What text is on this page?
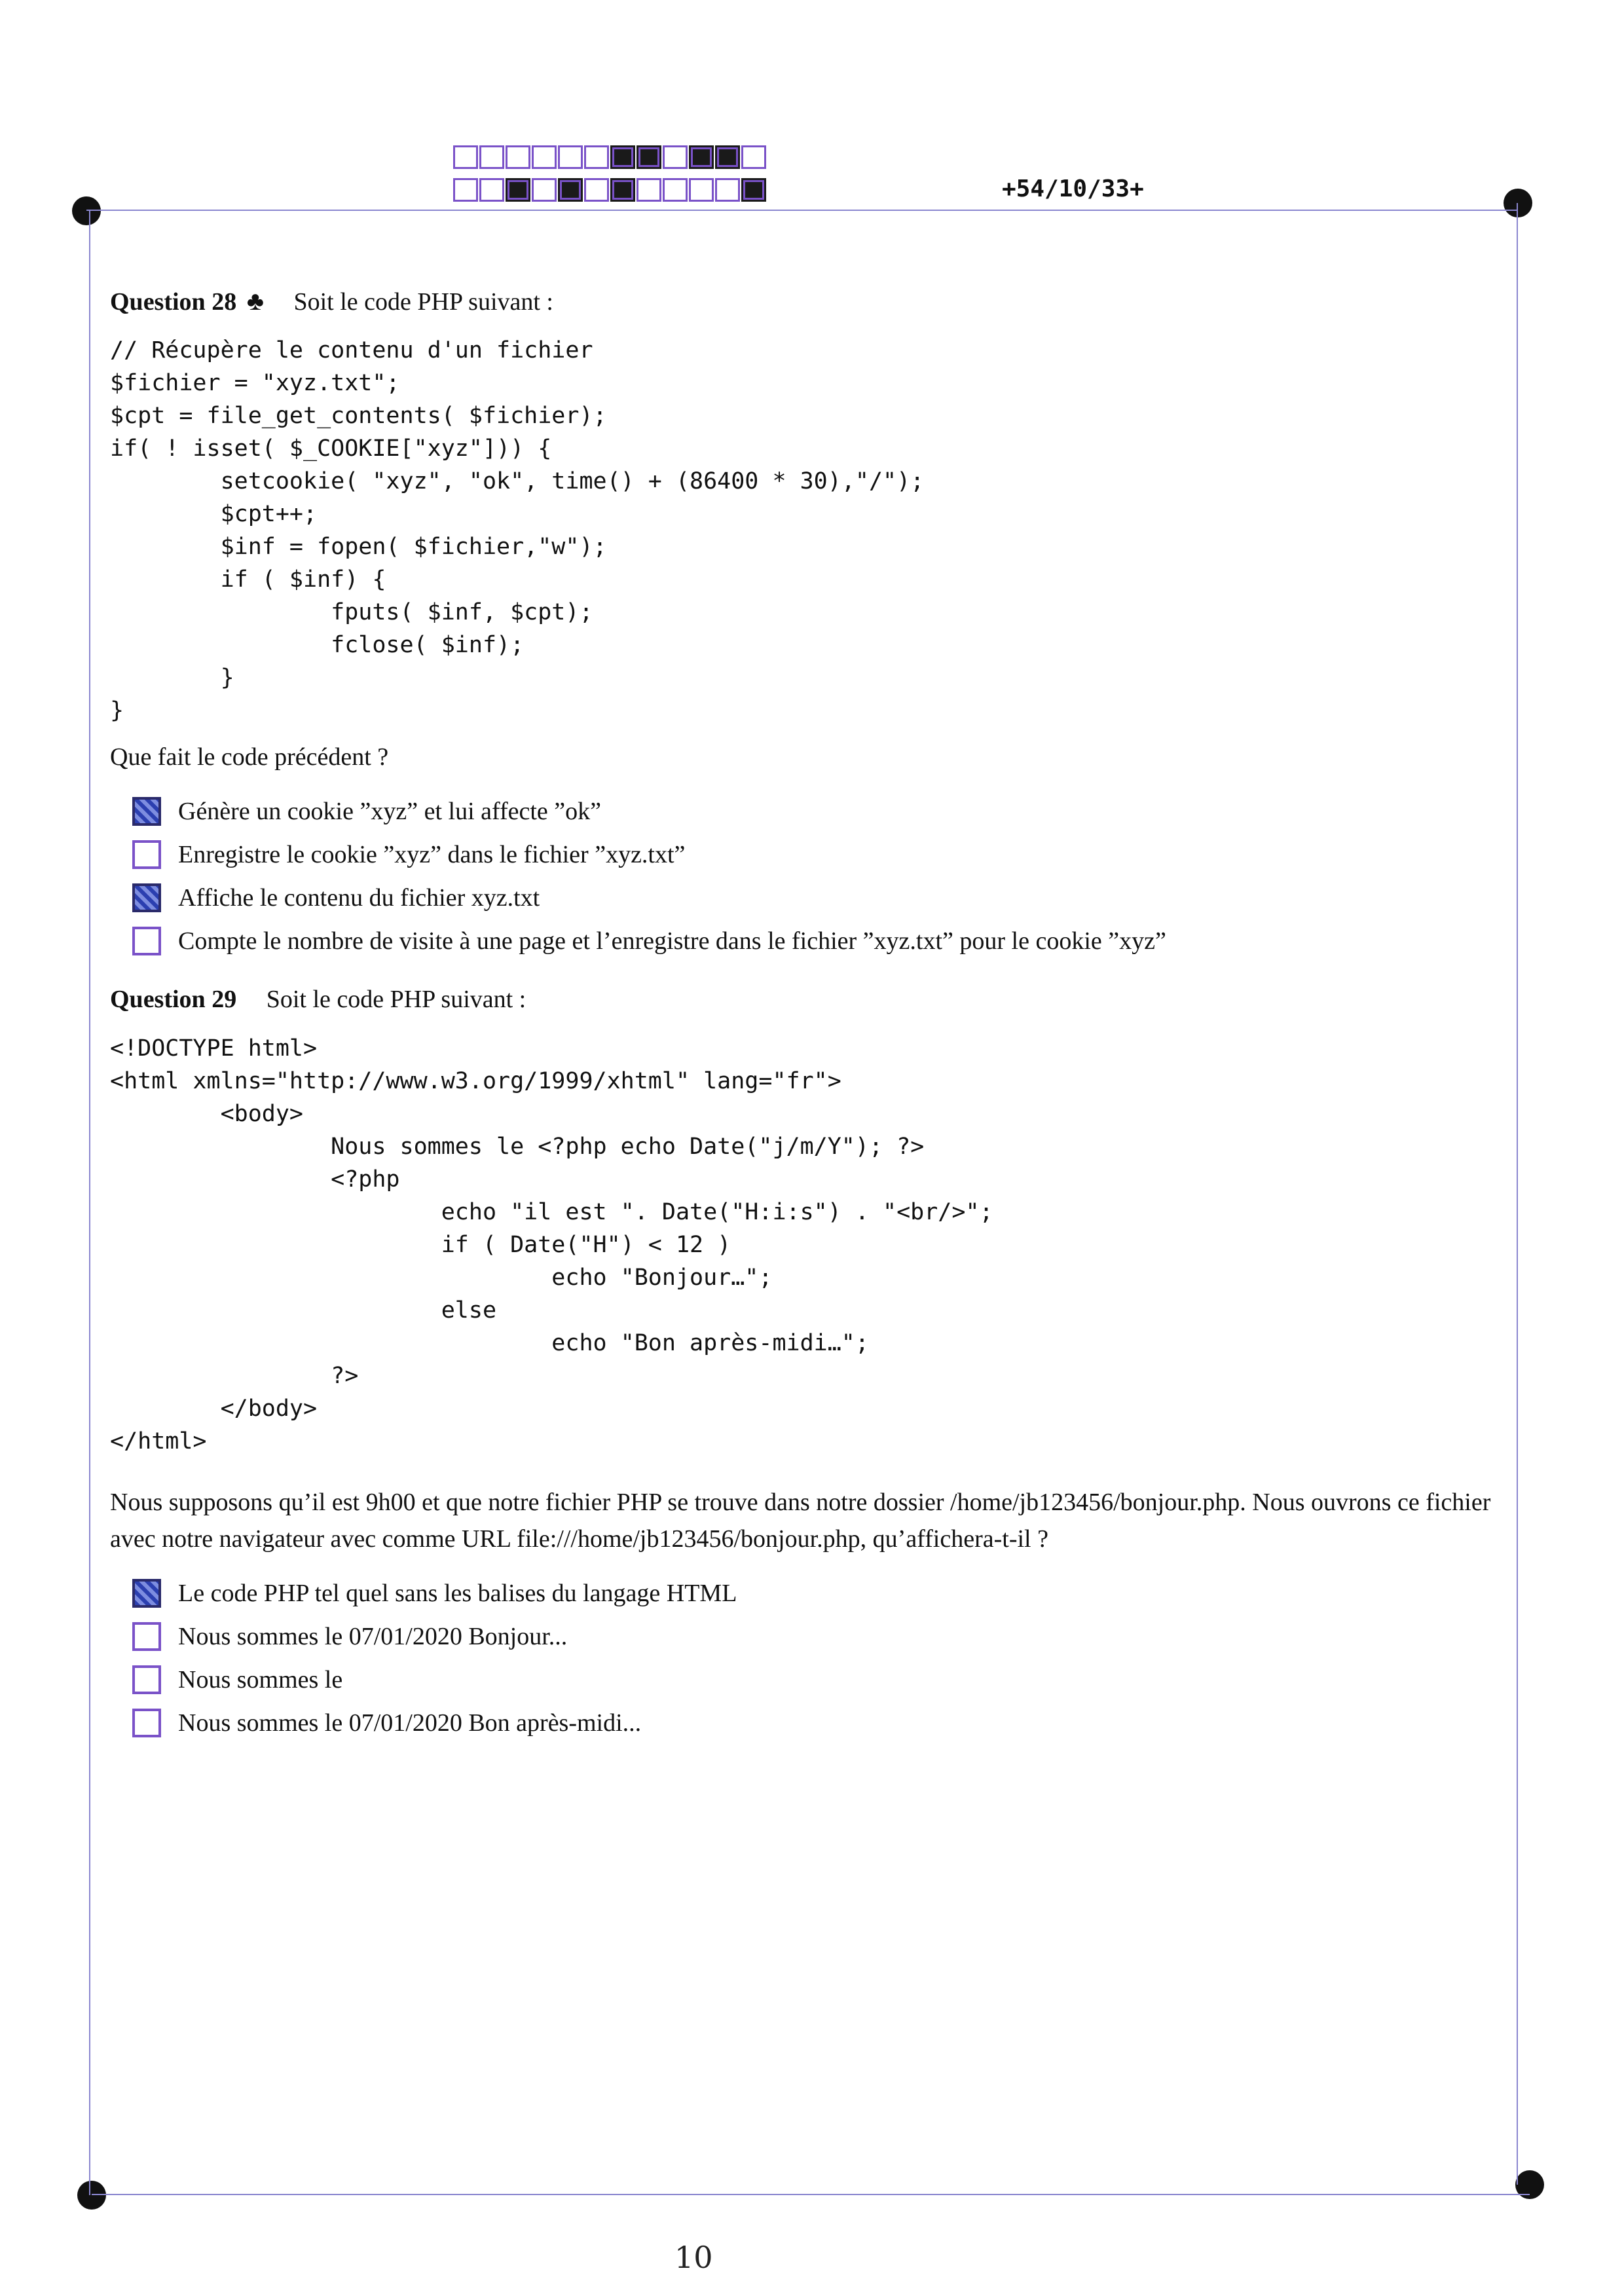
+54/10/33+

Question 28 ♣ Soit le code PHP suivant :

// Récupère le contenu d'un fichier
$fichier = "xyz.txt";
$cpt = file_get_contents( $fichier);
if( ! isset( $_COOKIE["xyz"])) {
setcookie( "xyz", "ok", time() + (86400 * 30),"/");
$cpt++;
$inf = fopen( $fichier,"w");
if ( $inf) {
fputs( $inf, $cpt);
fclose( $inf);
}
}

Que fait le code précédent ?

Génère un cookie ”xyz” et lui affecte ”ok”
Enregistre le cookie ”xyz” dans le fichier ”xyz.txt”
Affiche le contenu du fichier xyz.txt
Compte le nombre de visite à une page et l’enregistre dans le fichier ”xyz.txt” pour le cookie ”xyz”

Question 29 Soit le code PHP suivant :

<!DOCTYPE html>
<html xmlns="http://www.w3.org/1999/xhtml" lang="fr">
<body>
Nous sommes le <?php echo Date("j/m/Y"); ?>
<?php
echo "il est ". Date("H:i:s") . "<br/>";
if ( Date("H") < 12 )
echo "Bonjour…";
else
echo "Bon après-midi…";
?>
</body>
</html>

Nous supposons qu’il est 9h00 et que notre fichier PHP se trouve dans notre dossier /home/jb123456/bonjour.php. Nous ouvrons ce fichier avec notre navigateur avec comme URL file:///home/jb123456/bonjour.php, qu’affichera-t-il ?

Le code PHP tel quel sans les balises du langage HTML
Nous sommes le 07/01/2020 Bonjour...
Nous sommes le
Nous sommes le 07/01/2020 Bon après-midi...
10
